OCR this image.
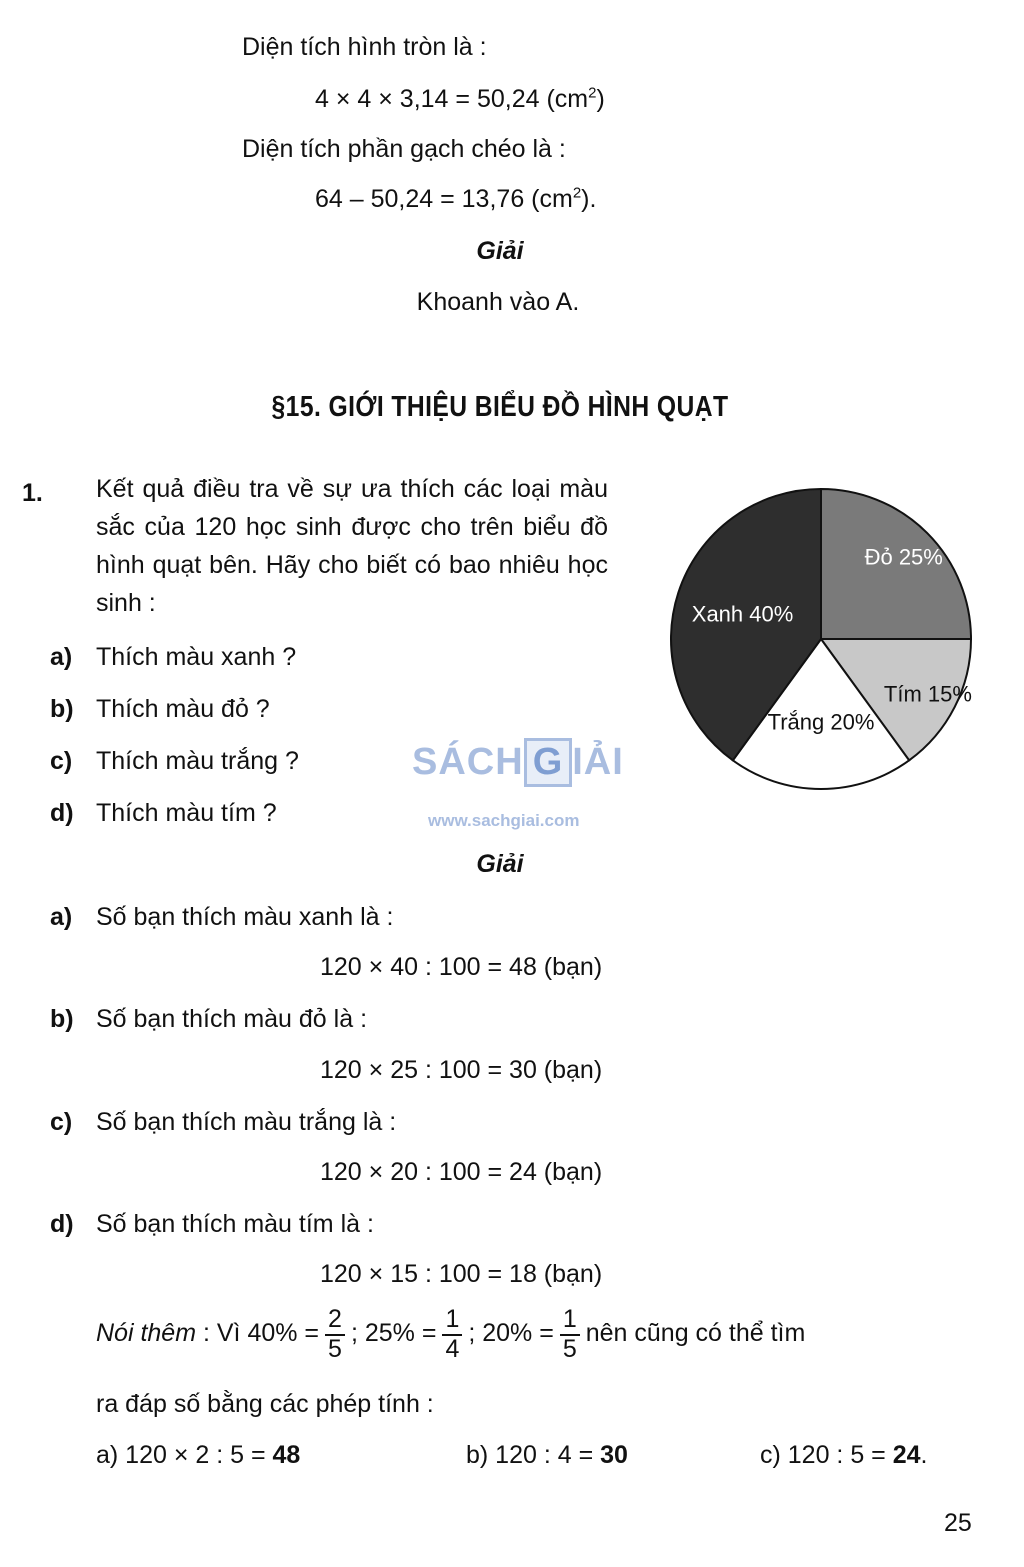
Diện tích hình tròn là :
4 × 4 × 3,14 = 50,24 $(cm^2)$
Diện tích phần gạch chéo là :
64 – 50,24 = 13,76 $(cm^2)$.
Giải
Khoanh vào A.
§15. GIỚI THIỆU BIỂU ĐỒ HÌNH QUẠT
1. Kết quả điều tra về sự ưa thích các loại màu sắc của 120 học sinh được cho trên biểu đồ hình quạt bên. Hãy cho biết có bao nhiêu học sinh :
a) Thích màu xanh ?
b) Thích màu đỏ ?
c) Thích màu trắng ?
d) Thích màu tím ?
Đỏ 25%
Tím 15%
Trắng 20%
Xanh 40%
SÁCH G IẢI
www.sachgiai.com
Giải
a) Số bạn thích màu xanh là :
120 × 40 : 100 = 48 (bạn)
b) Số bạn thích màu đỏ là :
120 × 25 : 100 = 30 (bạn)
c) Số bạn thích màu trắng là :
120 × 20 : 100 = 24 (bạn)
d) Số bạn thích màu tím là :
120 × 15 : 100 = 18 (bạn)
Nói thêm : Vì $40\% = \frac{2}{5}$ ; $25\% = \frac{1}{4}$ ; $20\% = \frac{1}{5}$ nên cũng có thể tìm
ra đáp số bằng các phép tính :
a) 120 × 2 : 5 = 48	b) 120 : 4 = 30	c) 120 : 5 = 24.
25
